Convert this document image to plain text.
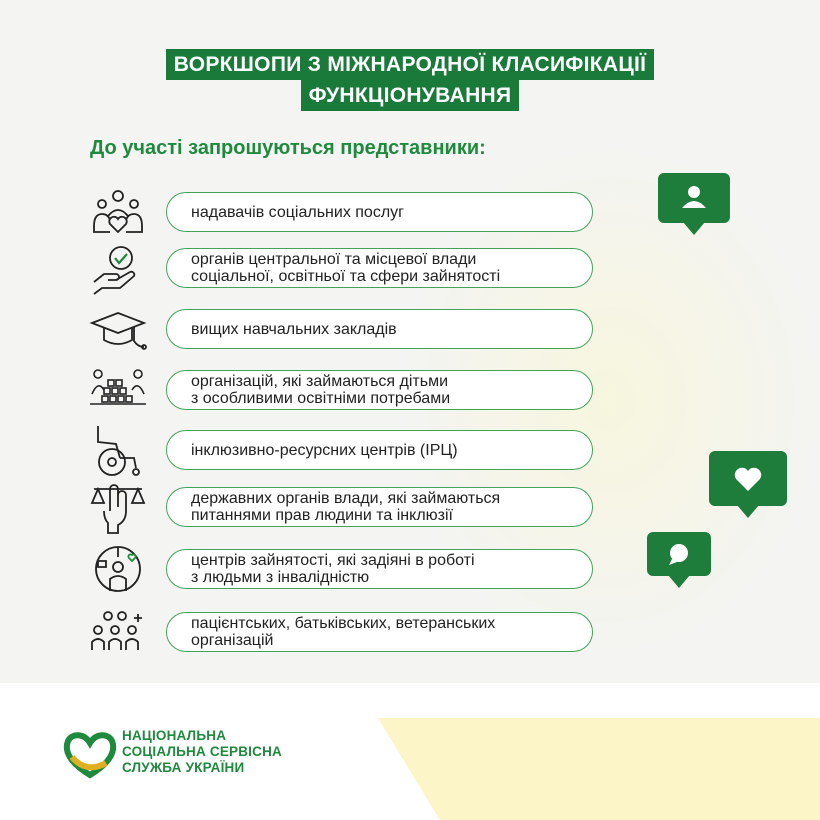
ВОРКШОПИ З МІЖНАРОДНОЇ КЛАСИФІКАЦІЇ
ФУНКЦІОНУВАННЯ
До участі запрошуються представники:
надавачів соціальних послуг
органів центральної та місцевої влади
соціальної, освітньої та сфери зайнятості
вищих навчальних закладів
організацій, які займаються дітьми
з особливими освітніми потребами
інклюзивно-ресурсних центрів (ІРЦ)
державних органів влади, які займаються
питаннями прав людини та інклюзії
центрів зайнятості, які задіяні в роботі
з людьми з інвалідністю
пацієнтських, батьківських, ветеранських
організацій
НАЦІОНАЛЬНА
СОЦІАЛЬНА СЕРВІСНА
СЛУЖБА УКРАЇНИ
